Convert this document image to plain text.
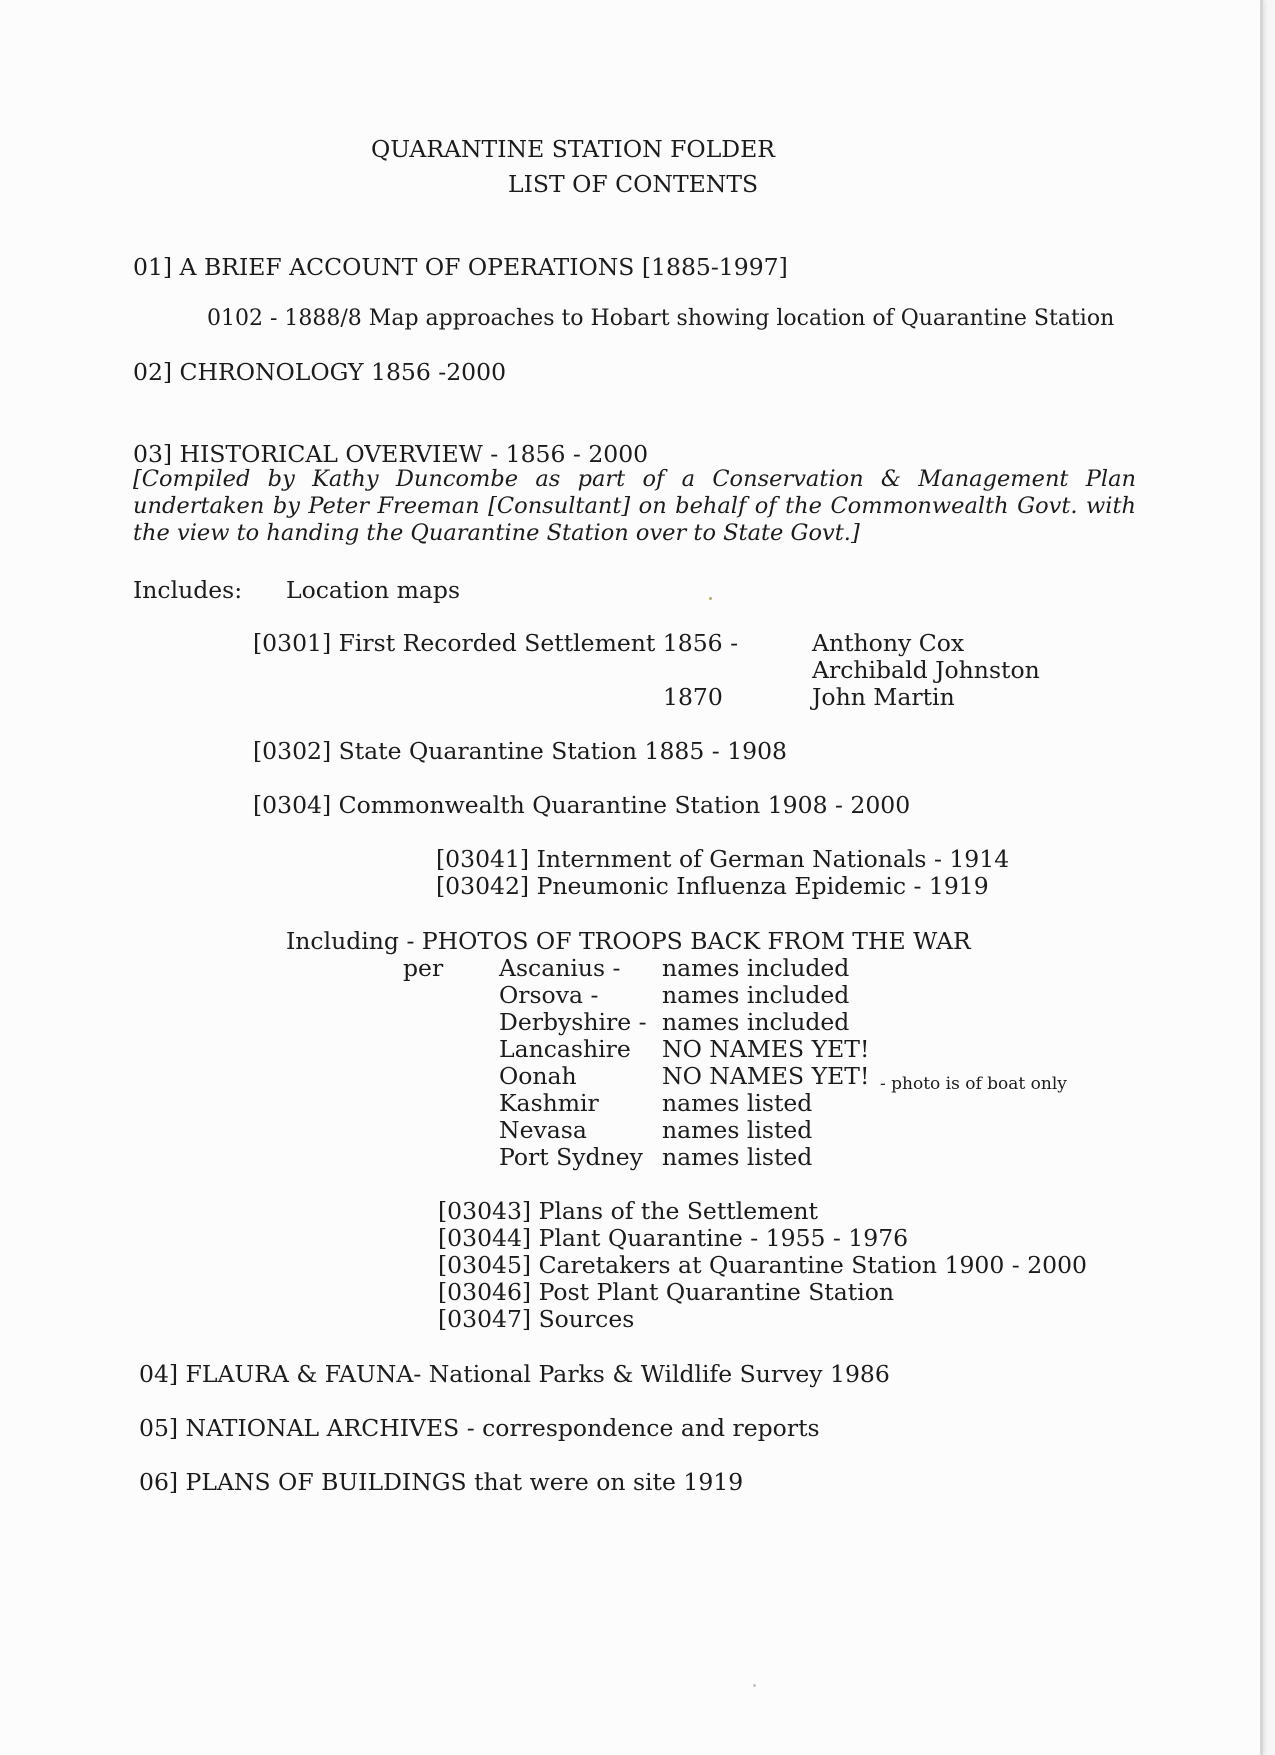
QUARANTINE STATION FOLDER
LIST OF CONTENTS
01] A BRIEF ACCOUNT OF OPERATIONS [1885-1997]
0102 - 1888/8 Map approaches to Hobart showing location of Quarantine Station
02] CHRONOLOGY 1856 -2000
03] HISTORICAL OVERVIEW - 1856 - 2000
[Compiled by Kathy Duncombe as part of a Conservation & Management Plan undertaken by Peter Freeman [Consultant] on behalf of the Commonwealth Govt. with the view to handing the Quarantine Station over to State Govt.]
Includes: Location maps
[0301] First Recorded Settlement 1856 -
1870
Anthony Cox
Archibald Johnston
John Martin
[0302] State Quarantine Station 1885 - 1908
[0304] Commonwealth Quarantine Station 1908 - 2000
[03041] Internment of German Nationals - 1914
[03042] Pneumonic Influenza Epidemic - 1919
Including - PHOTOS OF TROOPS BACK FROM THE WAR
per Ascanius -
Orsova -
Derbyshire -
Lancashire
Oonah
Kashmir
Nevasa
Port Sydney
names included
names included
names included
NO NAMES YET!
NO NAMES YET!
names listed
names listed
names listed
- photo is of boat only
[03043] Plans of the Settlement
[03044] Plant Quarantine - 1955 - 1976
[03045] Caretakers at Quarantine Station 1900 - 2000
[03046] Post Plant Quarantine Station
[03047] Sources
04] FLAURA & FAUNA- National Parks & Wildlife Survey 1986
05] NATIONAL ARCHIVES - correspondence and reports
06] PLANS OF BUILDINGS that were on site 1919
